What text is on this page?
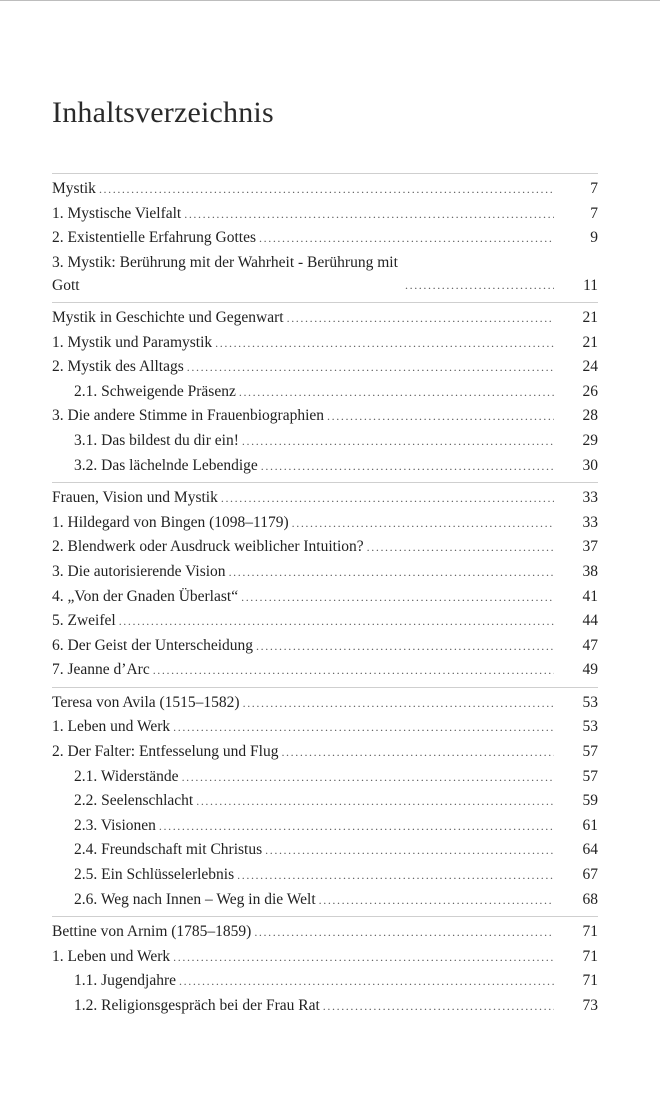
Inhaltsverzeichnis
Mystik .....	7
1. Mystische Vielfalt .....	7
2. Existentielle Erfahrung Gottes .....	9
3. Mystik: Berührung mit der Wahrheit - Berührung mit Gott .....	11
Mystik in Geschichte und Gegenwart .....	21
1. Mystik und Paramystik .....	21
2. Mystik des Alltags .....	24
2.1. Schweigende Präsenz .....	26
3. Die andere Stimme in Frauenbiographien .....	28
3.1. Das bildest du dir ein! .....	29
3.2. Das lächelnde Lebendige .....	30
Frauen, Vision und Mystik .....	33
1. Hildegard von Bingen (1098–1179) .....	33
2. Blendwerk oder Ausdruck weiblicher Intuition? .....	37
3. Die autorisierende Vision .....	38
4. „Von der Gnaden Überlast“ .....	41
5. Zweifel .....	44
6. Der Geist der Unterscheidung .....	47
7. Jeanne d’Arc .....	49
Teresa von Avila (1515–1582) .....	53
1. Leben und Werk .....	53
2. Der Falter: Entfesselung und Flug .....	57
2.1. Widerstände .....	57
2.2. Seelenschlacht .....	59
2.3. Visionen .....	61
2.4. Freundschaft mit Christus .....	64
2.5. Ein Schlüsselerlebnis .....	67
2.6. Weg nach Innen – Weg in die Welt .....	68
Bettine von Arnim (1785–1859) .....	71
1. Leben und Werk .....	71
1.1. Jugendjahre .....	71
1.2. Religionsgespräch bei der Frau Rat .....	73
